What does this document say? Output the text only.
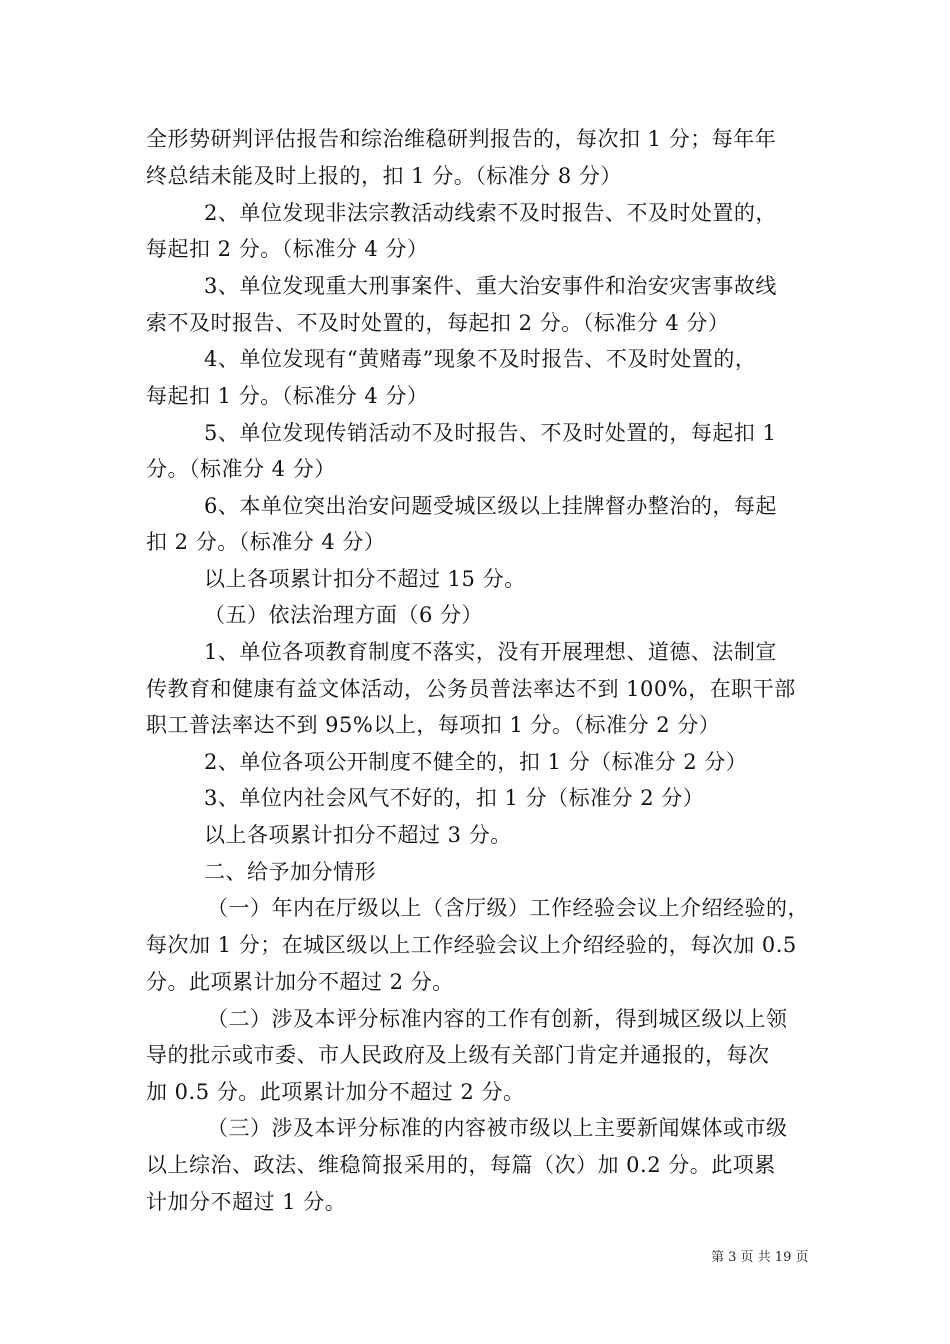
全形势研判评估报告和综治维稳研判报告的，每次扣 1 分；每年年
终总结未能及时上报的，扣 1 分。（标准分 8 分）
2、单位发现非法宗教活动线索不及时报告、不及时处置的，
每起扣 2 分。（标准分 4 分）
3、单位发现重大刑事案件、重大治安事件和治安灾害事故线
索不及时报告、不及时处置的，每起扣 2 分。（标准分 4 分）
4、单位发现有“黄赌毒”现象不及时报告、不及时处置的，
每起扣 1 分。（标准分 4 分）
5、单位发现传销活动不及时报告、不及时处置的，每起扣 1
分。（标准分 4 分）
6、本单位突出治安问题受城区级以上挂牌督办整治的，每起
扣 2 分。（标准分 4 分）
以上各项累计扣分不超过 15 分。
（五）依法治理方面（6 分）
1、单位各项教育制度不落实，没有开展理想、道德、法制宣
传教育和健康有益文体活动，公务员普法率达不到 100%，在职干部
职工普法率达不到 95%以上，每项扣 1 分。（标准分 2 分）
2、单位各项公开制度不健全的，扣 1 分（标准分 2 分）
3、单位内社会风气不好的，扣 1 分（标准分 2 分）
以上各项累计扣分不超过 3 分。
二、给予加分情形
（一）年内在厅级以上（含厅级）工作经验会议上介绍经验的，
每次加 1 分；在城区级以上工作经验会议上介绍经验的，每次加 0.5
分。此项累计加分不超过 2 分。
（二）涉及本评分标准内容的工作有创新，得到城区级以上领
导的批示或市委、市人民政府及上级有关部门肯定并通报的，每次
加 0.5 分。此项累计加分不超过 2 分。
（三）涉及本评分标准的内容被市级以上主要新闻媒体或市级
以上综治、政法、维稳简报采用的，每篇（次）加 0.2 分。此项累
计加分不超过 1 分。
第 3 页 共 19 页
